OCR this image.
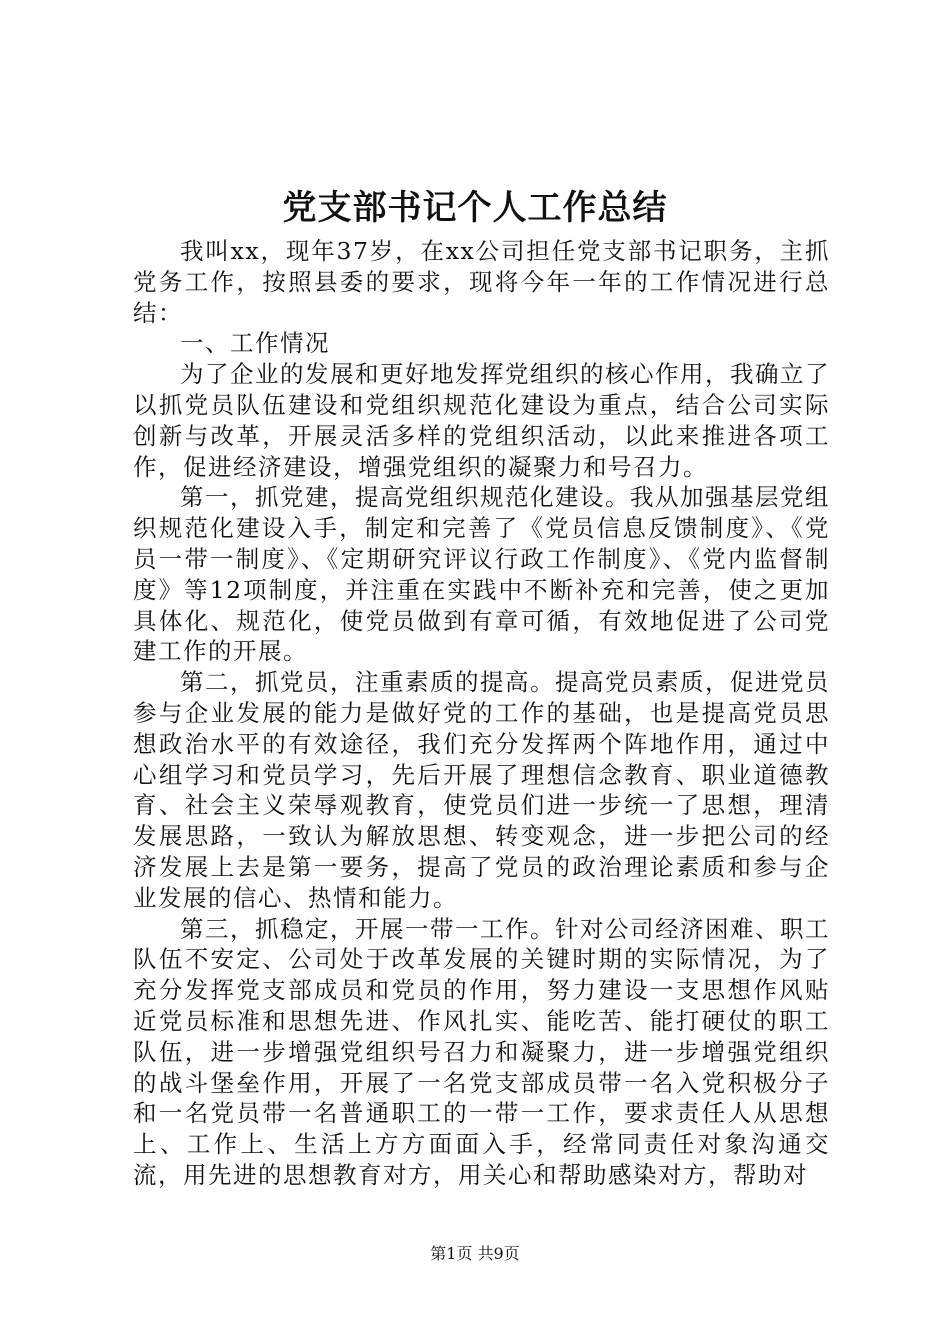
党支部书记个人工作总结

我叫xx，现年37岁，在xx公司担任党支部书记职务，主抓党务工作，按照县委的要求，现将今年一年的工作情况进行总结：

一、工作情况

为了企业的发展和更好地发挥党组织的核心作用，我确立了以抓党员队伍建设和党组织规范化建设为重点，结合公司实际创新与改革，开展灵活多样的党组织活动，以此来推进各项工作，促进经济建设，增强党组织的凝聚力和号召力。

第一，抓党建，提高党组织规范化建设。我从加强基层党组织规范化建设入手，制定和完善了《党员信息反馈制度》、《党员一带一制度》、《定期研究评议行政工作制度》、《党内监督制度》等12项制度，并注重在实践中不断补充和完善，使之更加具体化、规范化，使党员做到有章可循，有效地促进了公司党建工作的开展。

第二，抓党员，注重素质的提高。提高党员素质，促进党员参与企业发展的能力是做好党的工作的基础，也是提高党员思想政治水平的有效途径，我们充分发挥两个阵地作用，通过中心组学习和党员学习，先后开展了理想信念教育、职业道德教育、社会主义荣辱观教育，使党员们进一步统一了思想，理清发展思路，一致认为解放思想、转变观念，进一步把公司的经济发展上去是第一要务，提高了党员的政治理论素质和参与企业发展的信心、热情和能力。

第三，抓稳定，开展一带一工作。针对公司经济困难、职工队伍不安定、公司处于改革发展的关键时期的实际情况，为了充分发挥党支部成员和党员的作用，努力建设一支思想作风贴近党员标准和思想先进、作风扎实、能吃苦、能打硬仗的职工队伍，进一步增强党组织号召力和凝聚力，进一步增强党组织的战斗堡垒作用，开展了一名党支部成员带一名入党积极分子和一名党员带一名普通职工的一带一工作，要求责任人从思想上、工作上、生活上方方面面入手，经常同责任对象沟通交流，用先进的思想教育对方，用关心和帮助感染对方，帮助对

第1页 共9页
